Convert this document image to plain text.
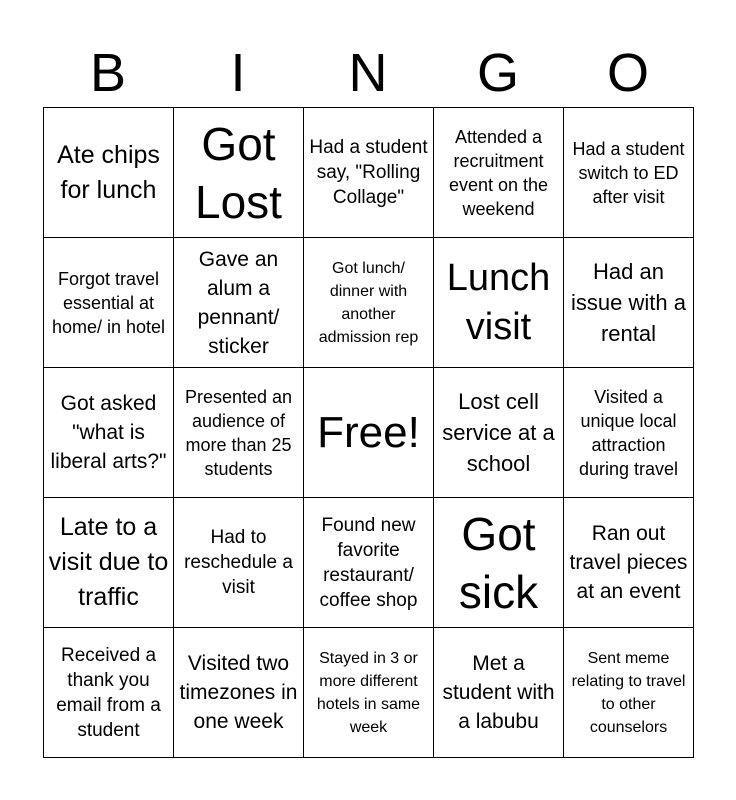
B	I	N	G	O
Ate chips for lunch	Got Lost	Had a student say, "Rolling Collage"	Attended a recruitment event on the weekend	Had a student switch to ED after visit
Forgot travel essential at home/ in hotel	Gave an alum a pennant/ sticker	Got lunch/ dinner with another admission rep	Lunch visit	Had an issue with a rental
Got asked "what is liberal arts?"	Presented an audience of more than 25 students	Free!	Lost cell service at a school	Visited a unique local attraction during travel
Late to a visit due to traffic	Had to reschedule a visit	Found new favorite restaurant/ coffee shop	Got sick	Ran out travel pieces at an event
Received a thank you email from a student	Visited two timezones in one week	Stayed in 3 or more different hotels in same week	Met a student with a labubu	Sent meme relating to travel to other counselors
